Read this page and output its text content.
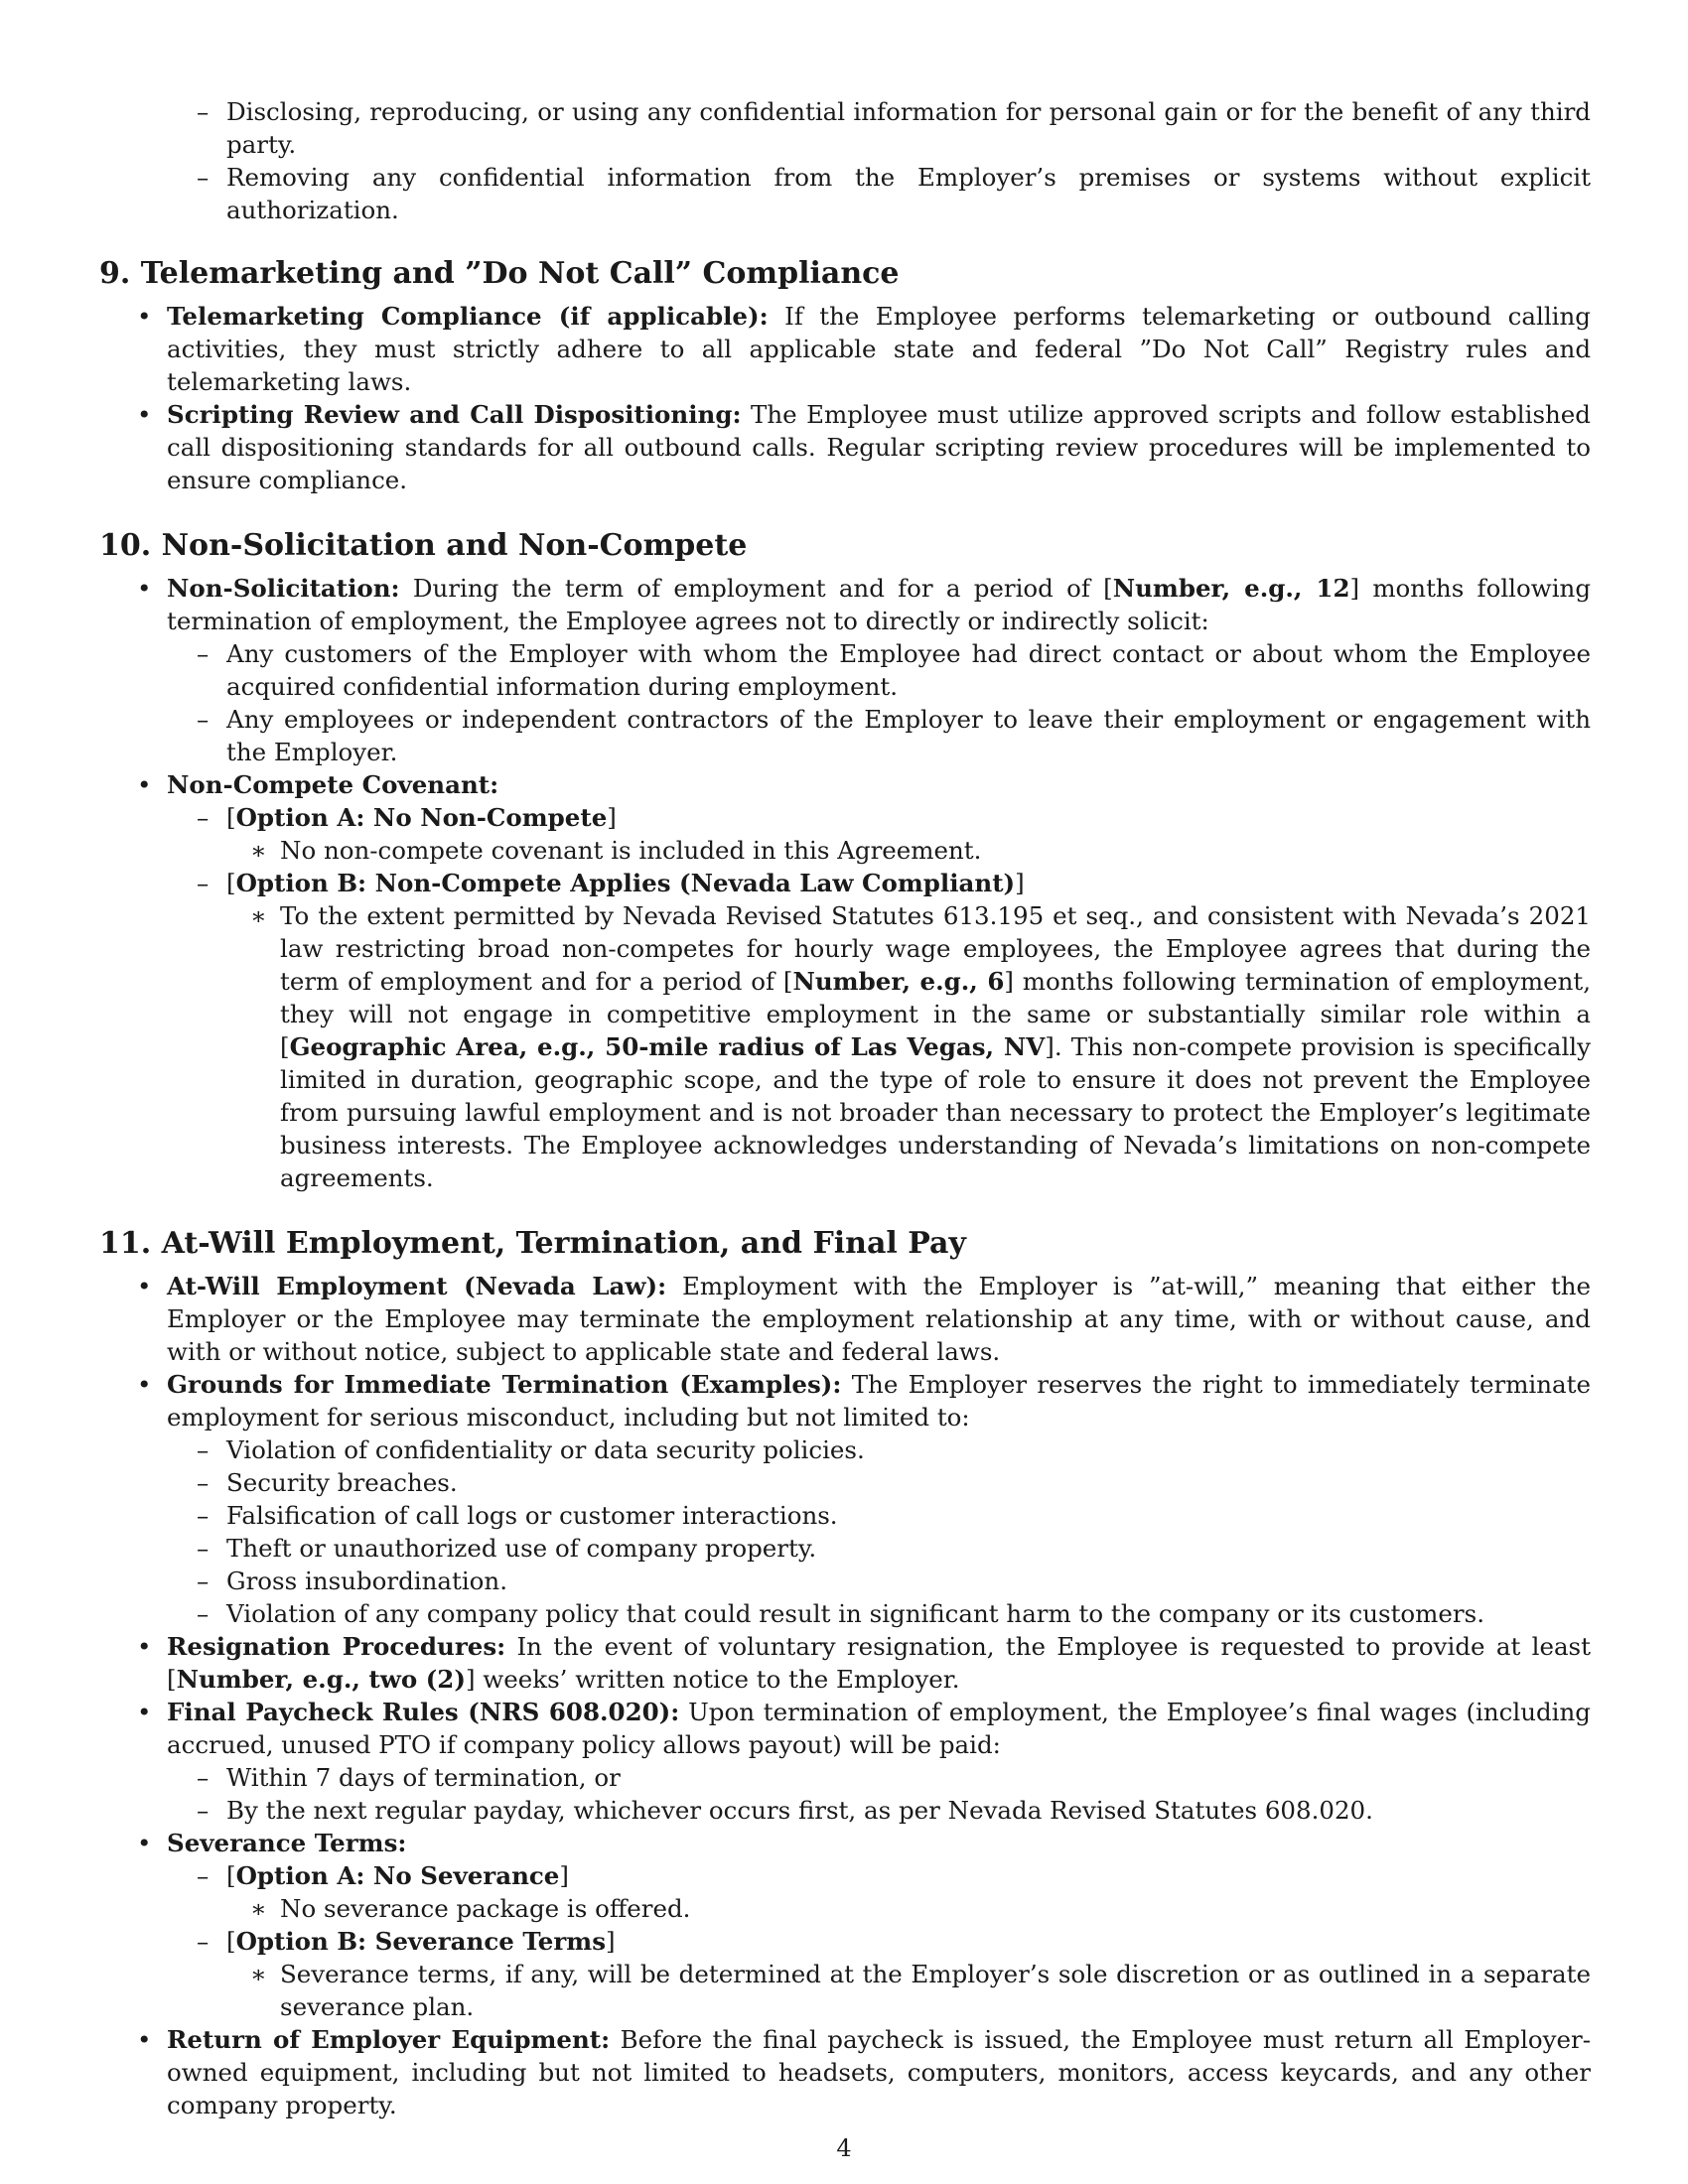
– Disclosing, reproducing, or using any confidential information for personal gain or for the benefit of any third party.
– Removing any confidential information from the Employer’s premises or systems without explicit authorization.
9. Telemarketing and ”Do Not Call” Compliance
• Telemarketing Compliance (if applicable): If the Employee performs telemarketing or outbound calling activities, they must strictly adhere to all applicable state and federal ”Do Not Call” Registry rules and telemarketing laws.
• Scripting Review and Call Dispositioning: The Employee must utilize approved scripts and follow established call dispositioning standards for all outbound calls. Regular scripting review procedures will be implemented to ensure compliance.
10. Non-Solicitation and Non-Compete
• Non-Solicitation: During the term of employment and for a period of [Number, e.g., 12] months following termination of employment, the Employee agrees not to directly or indirectly solicit:
– Any customers of the Employer with whom the Employee had direct contact or about whom the Employee acquired confidential information during employment.
– Any employees or independent contractors of the Employer to leave their employment or engagement with the Employer.
• Non-Compete Covenant:
– [Option A: No Non-Compete]
∗ No non-compete covenant is included in this Agreement.
– [Option B: Non-Compete Applies (Nevada Law Compliant)]
∗ To the extent permitted by Nevada Revised Statutes 613.195 et seq., and consistent with Nevada’s 2021 law restricting broad non-competes for hourly wage employees, the Employee agrees that during the term of employment and for a period of [Number, e.g., 6] months following termination of employment, they will not engage in competitive employment in the same or substantially similar role within a [Geographic Area, e.g., 50-mile radius of Las Vegas, NV]. This non-compete provision is specifically limited in duration, geographic scope, and the type of role to ensure it does not prevent the Employee from pursuing lawful employment and is not broader than necessary to protect the Employer’s legitimate business interests. The Employee acknowledges understanding of Nevada’s limitations on non-compete agreements.
11. At-Will Employment, Termination, and Final Pay
• At-Will Employment (Nevada Law): Employment with the Employer is ”at-will,” meaning that either the Employer or the Employee may terminate the employment relationship at any time, with or without cause, and with or without notice, subject to applicable state and federal laws.
• Grounds for Immediate Termination (Examples): The Employer reserves the right to immediately terminate employment for serious misconduct, including but not limited to:
– Violation of confidentiality or data security policies.
– Security breaches.
– Falsification of call logs or customer interactions.
– Theft or unauthorized use of company property.
– Gross insubordination.
– Violation of any company policy that could result in significant harm to the company or its customers.
• Resignation Procedures: In the event of voluntary resignation, the Employee is requested to provide at least [Number, e.g., two (2)] weeks’ written notice to the Employer.
• Final Paycheck Rules (NRS 608.020): Upon termination of employment, the Employee’s final wages (including accrued, unused PTO if company policy allows payout) will be paid:
– Within 7 days of termination, or
– By the next regular payday, whichever occurs first, as per Nevada Revised Statutes 608.020.
• Severance Terms:
– [Option A: No Severance]
∗ No severance package is offered.
– [Option B: Severance Terms]
∗ Severance terms, if any, will be determined at the Employer’s sole discretion or as outlined in a separate severance plan.
• Return of Employer Equipment: Before the final paycheck is issued, the Employee must return all Employer-owned equipment, including but not limited to headsets, computers, monitors, access keycards, and any other company property.
4
